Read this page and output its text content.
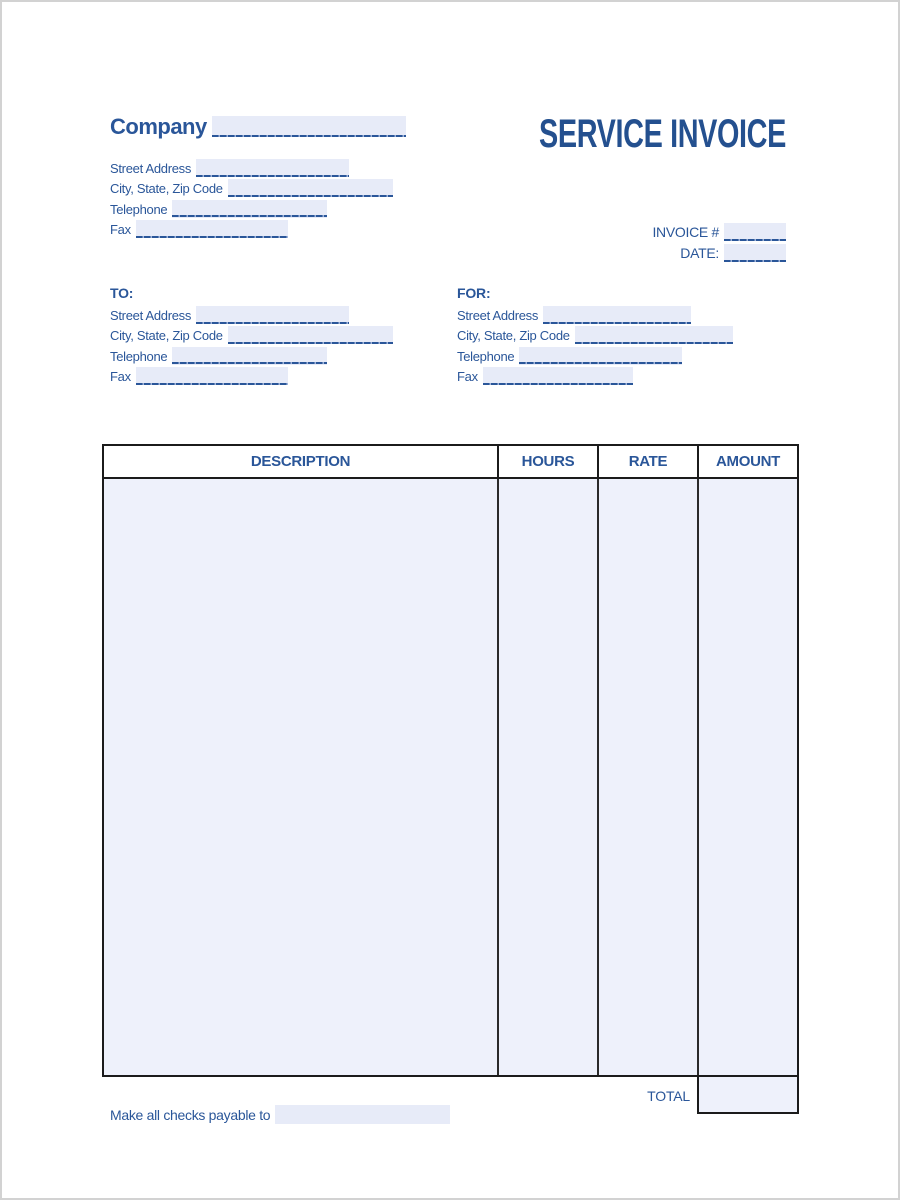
Company
Street Address
City, State, Zip Code
Telephone
Fax
SERVICE INVOICE
INVOICE #
DATE:
TO:
Street Address
City, State, Zip Code
Telephone
Fax
FOR:
Street Address
City, State, Zip Code
Telephone
Fax
DESCRIPTION	HOURS	RATE	AMOUNT
TOTAL
Make all checks payable to
